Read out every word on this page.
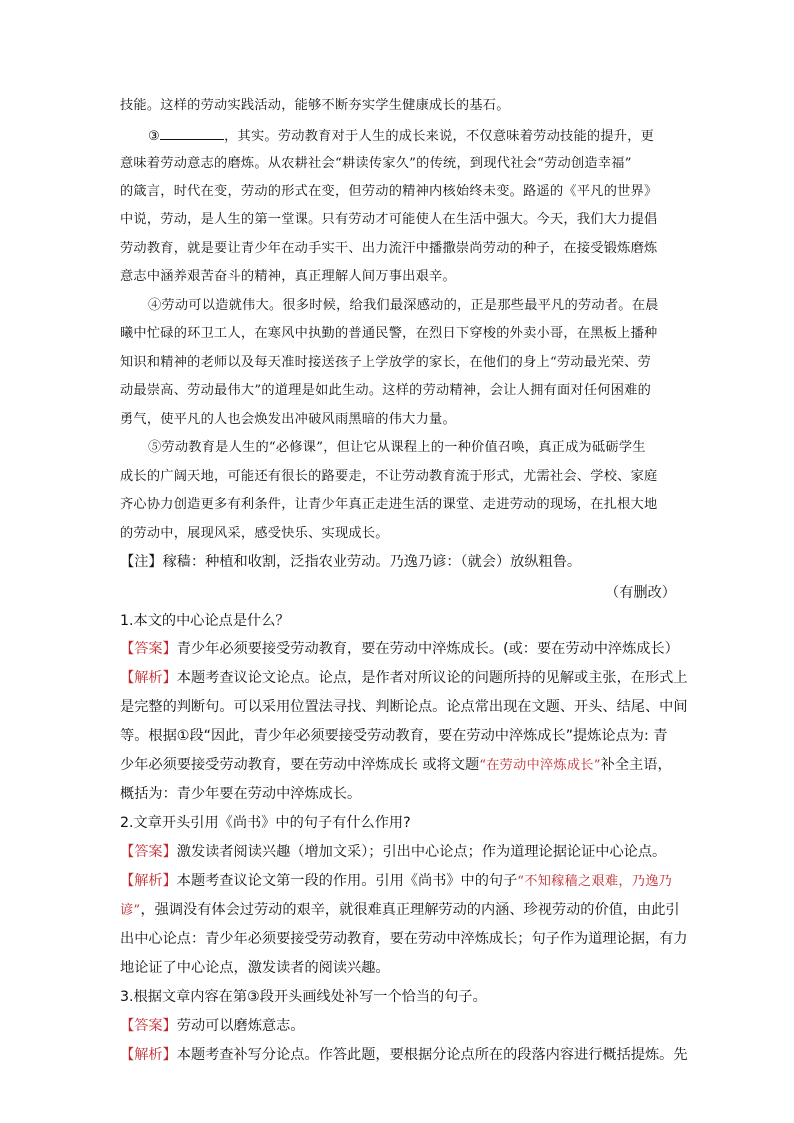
技能。这样的劳动实践活动，能够不断夯实学生健康成长的基石。
③	，其实。劳动教育对于人生的成长来说，不仅意味着劳动技能的提升，更
意味着劳动意志的磨炼。从农耕社会“耕读传家久”的传统，到现代社会“劳动创造幸福”
的箴言，时代在变，劳动的形式在变，但劳动的精神内核始终未变。路遥的《平凡的世界》
中说，劳动，是人生的第一堂课。只有劳动才可能使人在生活中强大。今天，我们大力提倡
劳动教育，就是要让青少年在动手实干、出力流汗中播撒崇尚劳动的种子，在接受锻炼磨炼
意志中涵养艰苦奋斗的精神，真正理解人间万事出艰辛。
④劳动可以造就伟大。很多时候，给我们最深感动的，正是那些最平凡的劳动者。在晨
曦中忙碌的环卫工人，在寒风中执勤的普通民警，在烈日下穿梭的外卖小哥，在黑板上播种
知识和精神的老师以及每天准时接送孩子上学放学的家长，在他们的身上“劳动最光荣、劳
动最崇高、劳动最伟大”的道理是如此生动。这样的劳动精神，会让人拥有面对任何困难的
勇气，使平凡的人也会焕发出冲破风雨黑暗的伟大力量。
⑤劳动教育是人生的“必修课”，但让它从课程上的一种价值召唤，真正成为砥砺学生
成长的广阔天地，可能还有很长的路要走，不让劳动教育流于形式，尤需社会、学校、家庭
齐心协力创造更多有利条件，让青少年真正走进生活的课堂、走进劳动的现场，在扎根大地
的劳动中，展现风采，感受快乐、实现成长。
【注】稼穑：种植和收割，泛指农业劳动。乃逸乃谚：（就会）放纵粗鲁。
（有删改）
1.本文的中心论点是什么？
【答案】青少年必须要接受劳动教育，要在劳动中淬炼成长。(或：要在劳动中淬炼成长）
【解析】本题考查议论文论点。论点，是作者对所议论的问题所持的见解或主张，在形式上
是完整的判断句。可以采用位置法寻找、判断论点。论点常出现在文题、开头、结尾、中间
等。根据①段“因此，青少年必须要接受劳动教育，要在劳动中淬炼成长”提炼论点为: 青
少年必须要接受劳动教育，要在劳动中淬炼成长 或将文题“在劳动中淬炼成长”补全主语，
概括为：青少年要在劳动中淬炼成长。
2.文章开头引用《尚书》中的句子有什么作用?
【答案】激发读者阅读兴趣（增加文采）；引出中心论点；作为道理论据论证中心论点。
【解析】本题考查议论文第一段的作用。引用《尚书》中的句子“不知稼穑之艰难，乃逸乃
谚”，强调没有体会过劳动的艰辛，就很难真正理解劳动的内涵、珍视劳动的价值，由此引
出中心论点：青少年必须要接受劳动教育，要在劳动中淬炼成长；句子作为道理论据，有力
地论证了中心论点，激发读者的阅读兴趣。
3.根据文章内容在第③段开头画线处补写一个恰当的句子。
【答案】劳动可以磨炼意志。
【解析】本题考查补写分论点。作答此题，要根据分论点所在的段落内容进行概括提炼。先
